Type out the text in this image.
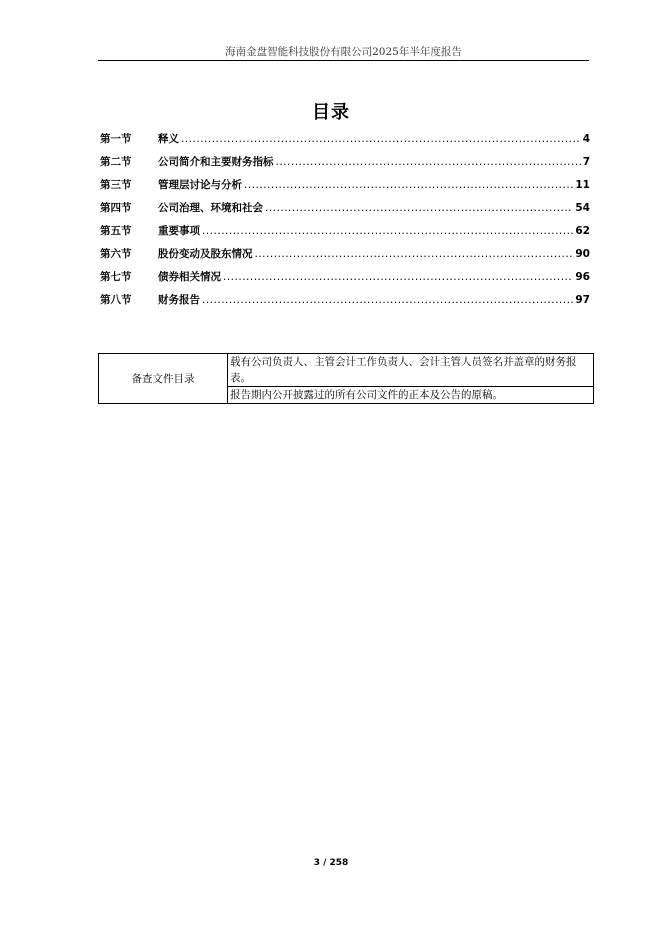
海南金盘智能科技股份有限公司2025年半年度报告
目录
第一节	释义 .....	4
第二节	公司简介和主要财务指标 .....	7
第三节	管理层讨论与分析 .....	11
第四节	公司治理、环境和社会 .....	54
第五节	重要事项 .....	62
第六节	股份变动及股东情况 .....	90
第七节	债券相关情况 .....	96
第八节	财务报告 .....	97
备查文件目录	载有公司负责人、主管会计工作负责人、会计主管人员签名并盖章的财务报表。
报告期内公开披露过的所有公司文件的正本及公告的原稿。
3 / 258
